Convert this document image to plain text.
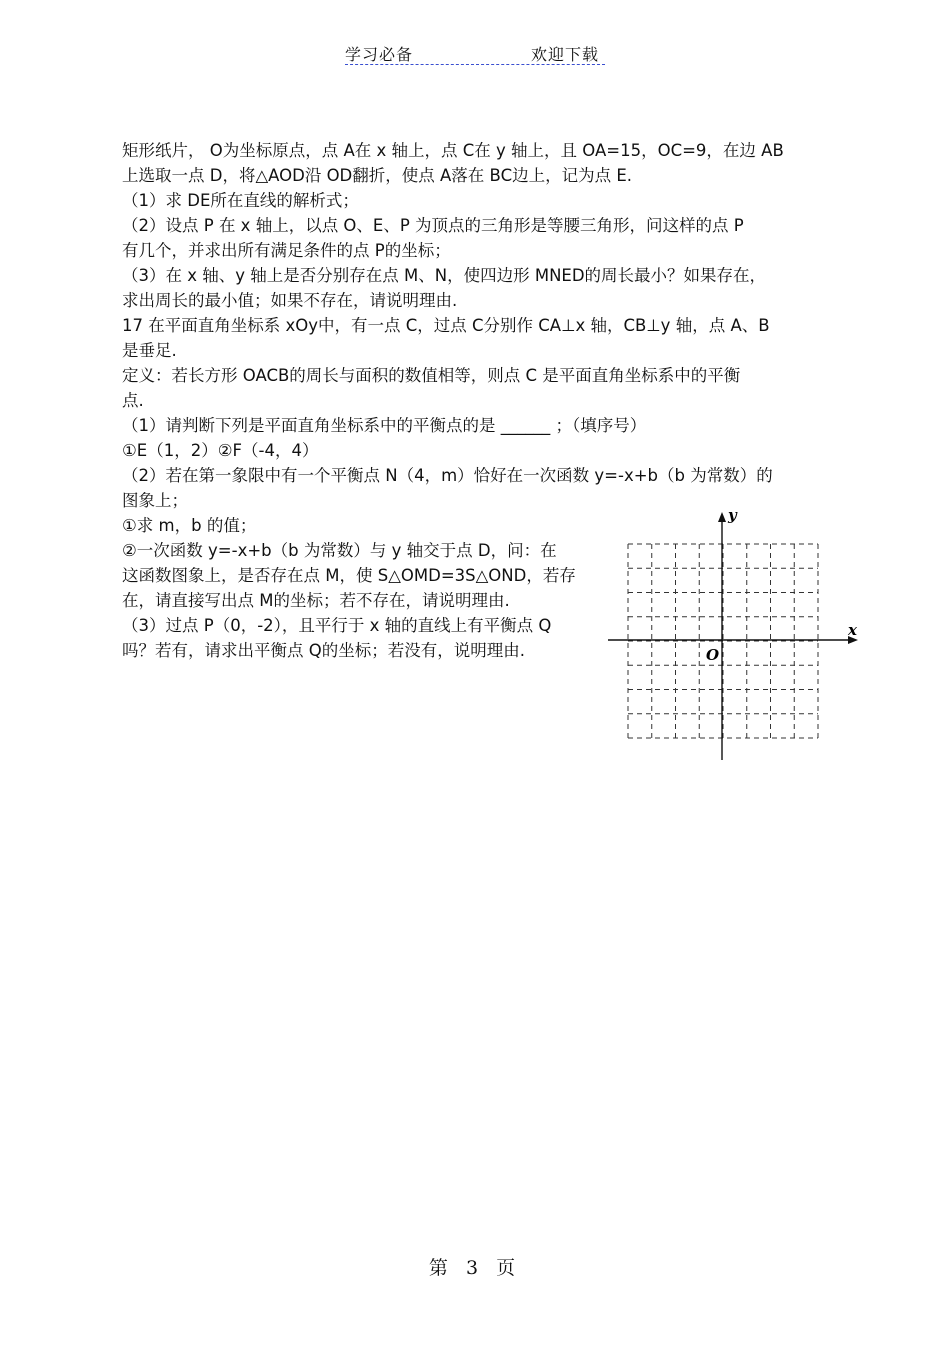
学习必备	欢迎下载
矩形纸片， O为坐标原点，点 A在 x 轴上，点 C在 y 轴上，且 OA=15，OC=9，在边 AB
上选取一点 D，将△AOD沿 OD翻折，使点 A落在 BC边上，记为点 E.
（1）求 DE所在直线的解析式；
（2）设点 P 在 x 轴上，以点 O、E、P 为顶点的三角形是等腰三角形，问这样的点 P
有几个，并求出所有满足条件的点 P的坐标；
（3）在 x 轴、y 轴上是否分别存在点 M、N，使四边形 MNED的周长最小？如果存在，
求出周长的最小值；如果不存在，请说明理由.
17 在平面直角坐标系 xOy中，有一点 C，过点 C分别作 CA⊥x 轴，CB⊥y 轴，点 A、B
是垂足.
定义：若长方形 OACB的周长与面积的数值相等，则点 C 是平面直角坐标系中的平衡
点.
（1）请判断下列是平面直角坐标系中的平衡点的是 ______ ；（填序号）
①E（1，2）②F（-4，4）
（2）若在第一象限中有一个平衡点 N（4，m）恰好在一次函数 y=-x+b（b 为常数）的
图象上；
①求 m，b 的值；
②一次函数 y=-x+b（b 为常数）与 y 轴交于点 D，问：在
这函数图象上，是否存在点 M，使 S△OMD=3S△OND，若存
在，请直接写出点 M的坐标；若不存在，请说明理由.
（3）过点 P（0，-2），且平行于 x 轴的直线上有平衡点 Q
吗？若有，请求出平衡点 Q的坐标；若没有，说明理由.
x
y
O
第 3 页
